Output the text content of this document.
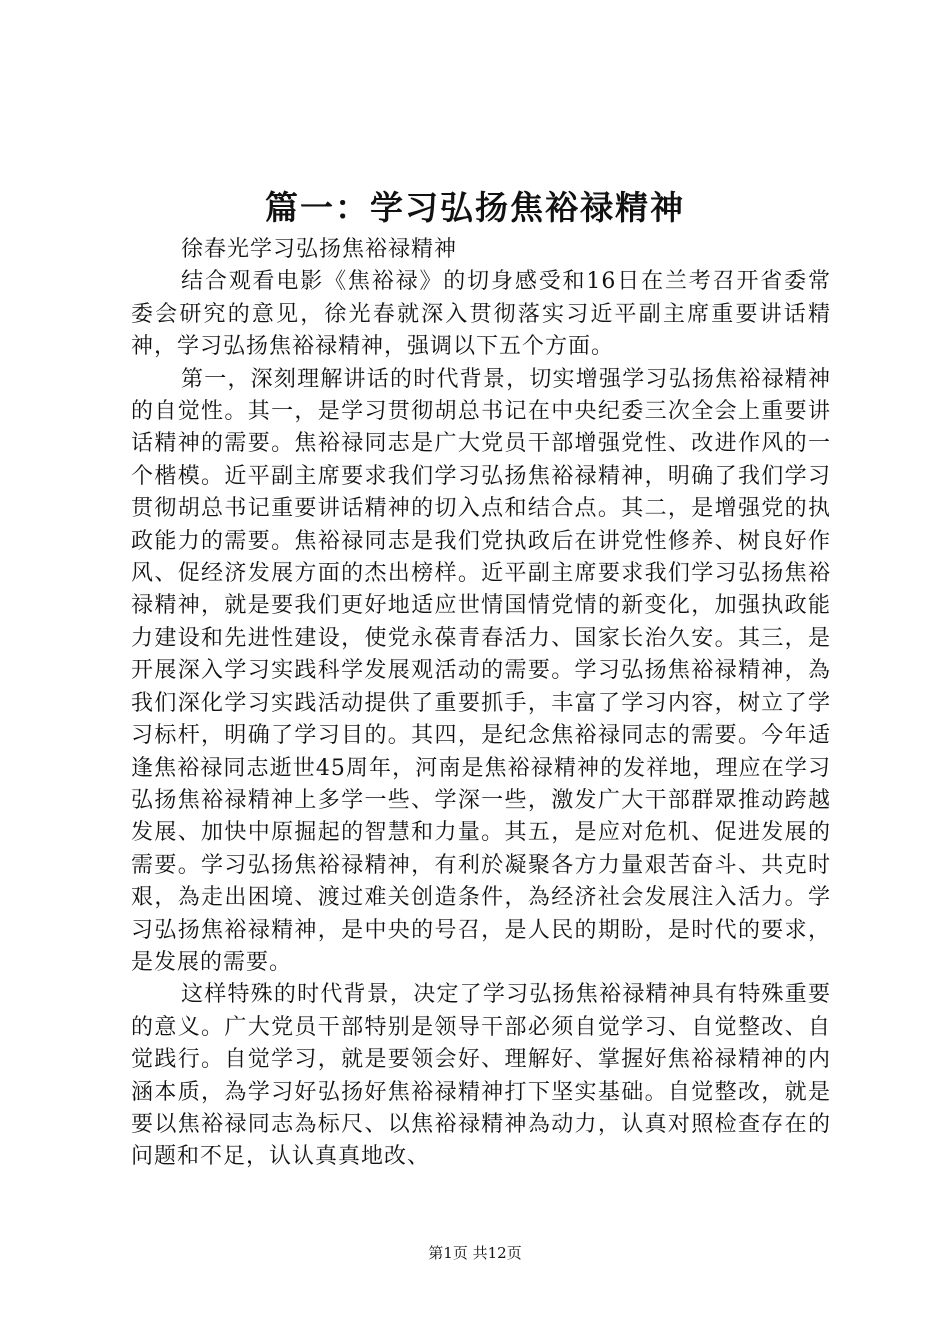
篇一：学习弘扬焦裕禄精神

徐春光学习弘扬焦裕禄精神

结合观看电影《焦裕禄》的切身感受和16日在兰考召开省委常委会研究的意见，徐光春就深入贯彻落实习近平副主席重要讲话精神，学习弘扬焦裕禄精神，强调以下五个方面。

第一，深刻理解讲话的时代背景，切实增强学习弘扬焦裕禄精神的自觉性。其一，是学习贯彻胡总书记在中央纪委三次全会上重要讲话精神的需要。焦裕禄同志是广大党员干部增强党性、改进作风的一个楷模。近平副主席要求我们学习弘扬焦裕禄精神，明确了我们学习贯彻胡总书记重要讲话精神的切入点和结合点。其二，是增强党的执政能力的需要。焦裕禄同志是我们党执政后在讲党性修养、树良好作风、促经济发展方面的杰出榜样。近平副主席要求我们学习弘扬焦裕禄精神，就是要我们更好地适应世情国情党情的新变化，加强执政能力建设和先进性建设，使党永葆青春活力、国家长治久安。其三，是开展深入学习实践科学发展观活动的需要。学习弘扬焦裕禄精神，為我们深化学习实践活动提供了重要抓手，丰富了学习内容，树立了学习标杆，明确了学习目的。其四，是纪念焦裕禄同志的需要。今年适逢焦裕禄同志逝世45周年，河南是焦裕禄精神的发祥地，理应在学习弘扬焦裕禄精神上多学一些、学深一些，激发广大干部群眾推动跨越发展、加快中原掘起的智慧和力量。其五，是应对危机、促进发展的需要。学习弘扬焦裕禄精神，有利於凝聚各方力量艰苦奋斗、共克时艰，為走出困境、渡过难关创造条件，為经济社会发展注入活力。学习弘扬焦裕禄精神，是中央的号召，是人民的期盼，是时代的要求，是发展的需要。

这样特殊的时代背景，决定了学习弘扬焦裕禄精神具有特殊重要的意义。广大党员干部特别是领导干部必须自觉学习、自觉整改、自觉践行。自觉学习，就是要领会好、理解好、掌握好焦裕禄精神的内涵本质，為学习好弘扬好焦裕禄精神打下坚实基础。自觉整改，就是要以焦裕禄同志為标尺、以焦裕禄精神為动力，认真对照检查存在的问题和不足，认认真真地改、

第1页 共12页
